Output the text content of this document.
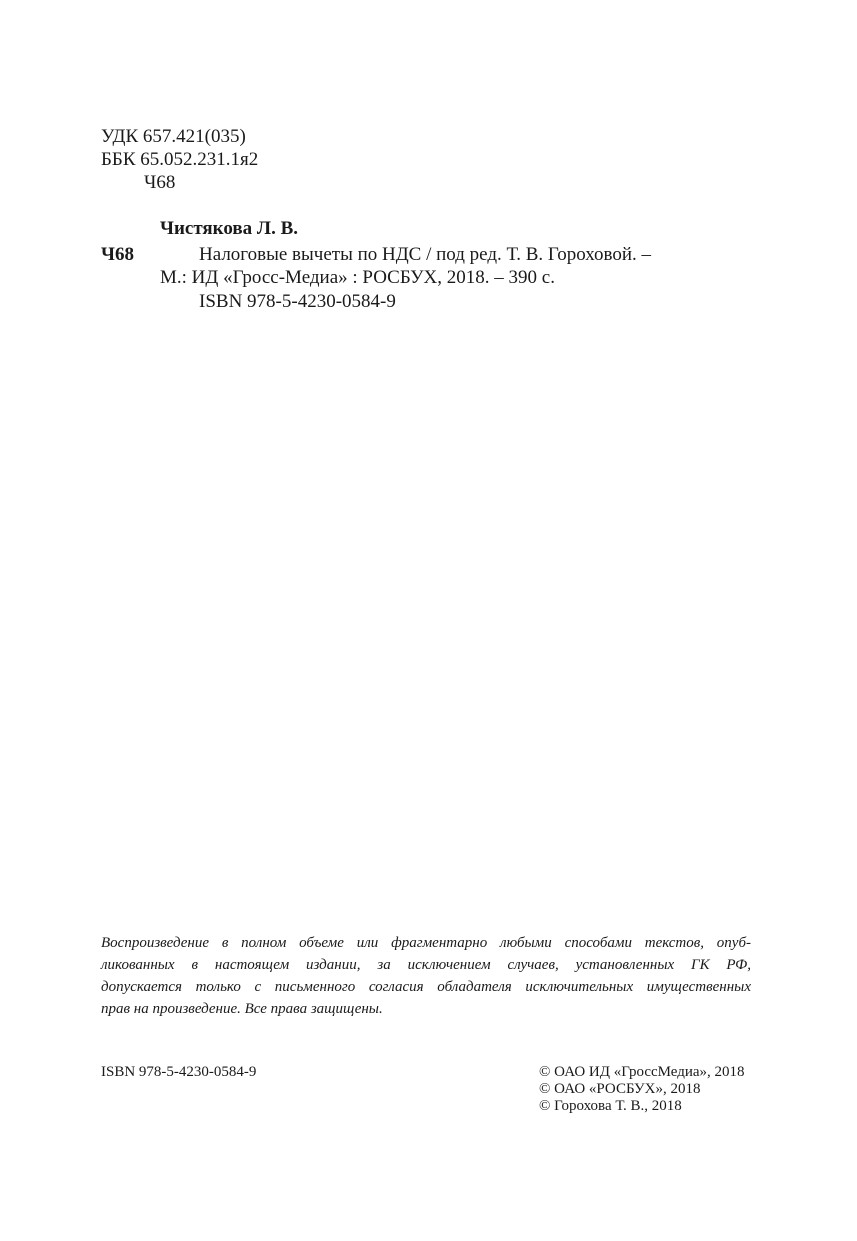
УДК 657.421(035)
ББК 65.052.231.1я2
Ч68
Чистякова Л. В.
Ч68	Налоговые вычеты по НДС / под ред. Т. В. Гороховой. –
М.: ИД «Гросс-Медиа» : РОСБУХ, 2018. – 390 с.
ISBN 978-5-4230-0584-9
Воспроизведение в полном объеме или фрагментарно любыми способами текстов, опуб-
ликованных в настоящем издании, за исключением случаев, установленных ГК РФ,
допускается только с письменного согласия обладателя исключительных имущественных
прав на произведение. Все права защищены.
ISBN 978-5-4230-0584-9	© ОАО ИД «ГроссМедиа», 2018
© ОАО «РОСБУХ», 2018
© Горохова Т. В., 2018
